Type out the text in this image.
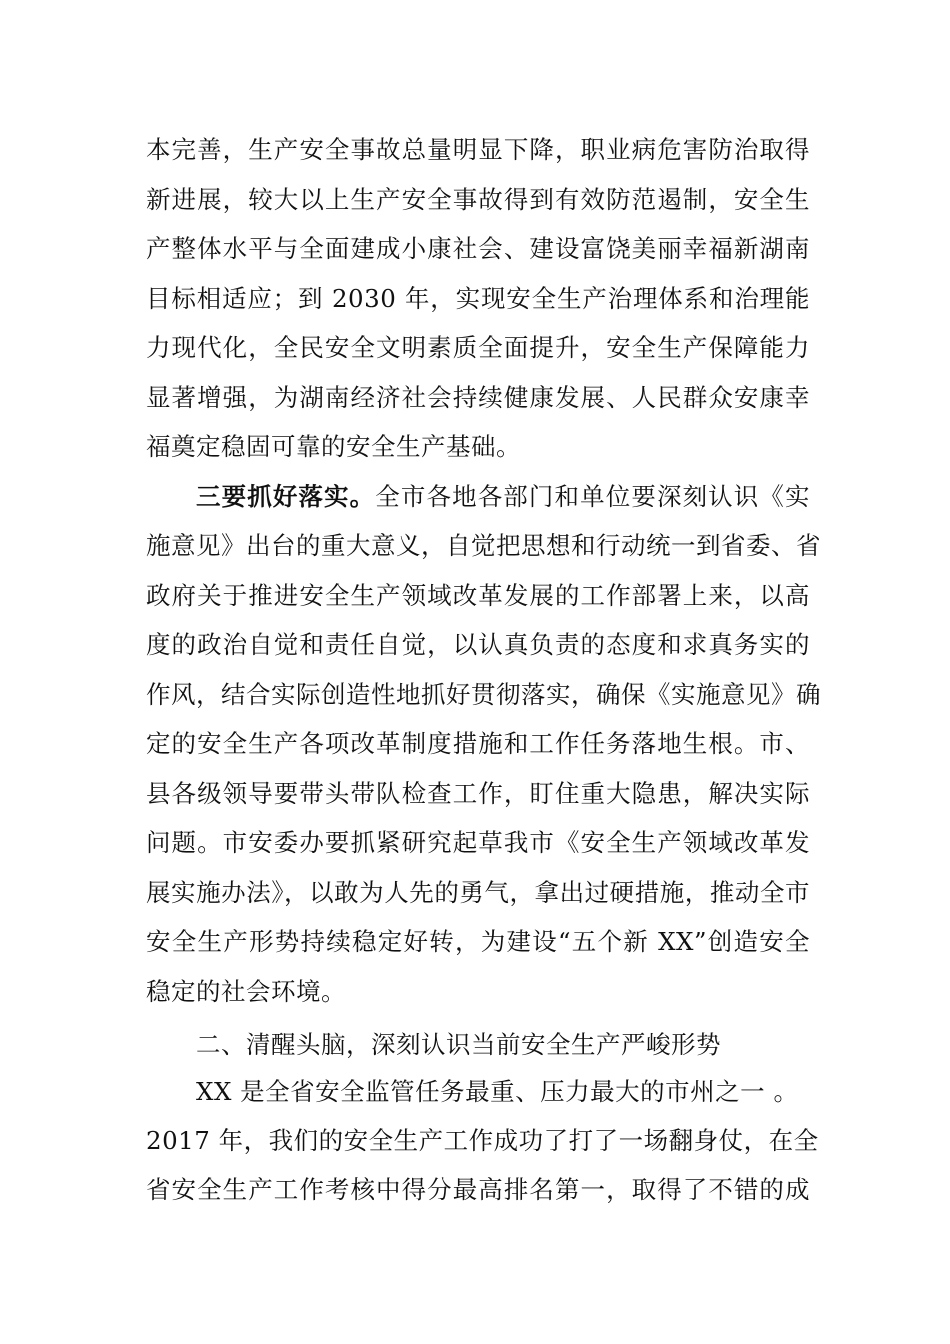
本完善，生产安全事故总量明显下降，职业病危害防治取得
新进展，较大以上生产安全事故得到有效防范遏制，安全生
产整体水平与全面建成小康社会、建设富饶美丽幸福新湖南
目标相适应；到 2030 年，实现安全生产治理体系和治理能
力现代化，全民安全文明素质全面提升，安全生产保障能力
显著增强，为湖南经济社会持续健康发展、人民群众安康幸
福奠定稳固可靠的安全生产基础。
三要抓好落实。全市各地各部门和单位要深刻认识《实
施意见》出台的重大意义，自觉把思想和行动统一到省委、省
政府关于推进安全生产领域改革发展的工作部署上来，以高
度的政治自觉和责任自觉，以认真负责的态度和求真务实的
作风，结合实际创造性地抓好贯彻落实，确保《实施意见》确
定的安全生产各项改革制度措施和工作任务落地生根。市、
县各级领导要带头带队检查工作，盯住重大隐患，解决实际
问题。市安委办要抓紧研究起草我市《安全生产领域改革发
展实施办法》，以敢为人先的勇气，拿出过硬措施，推动全市
安全生产形势持续稳定好转，为建设“五个新 XX”创造安全
稳定的社会环境。
二、清醒头脑，深刻认识当前安全生产严峻形势
XX 是全省安全监管任务最重、压力最大的市州之一 。
2017 年，我们的安全生产工作成功了打了一场翻身仗，在全
省安全生产工作考核中得分最高排名第一，取得了不错的成
